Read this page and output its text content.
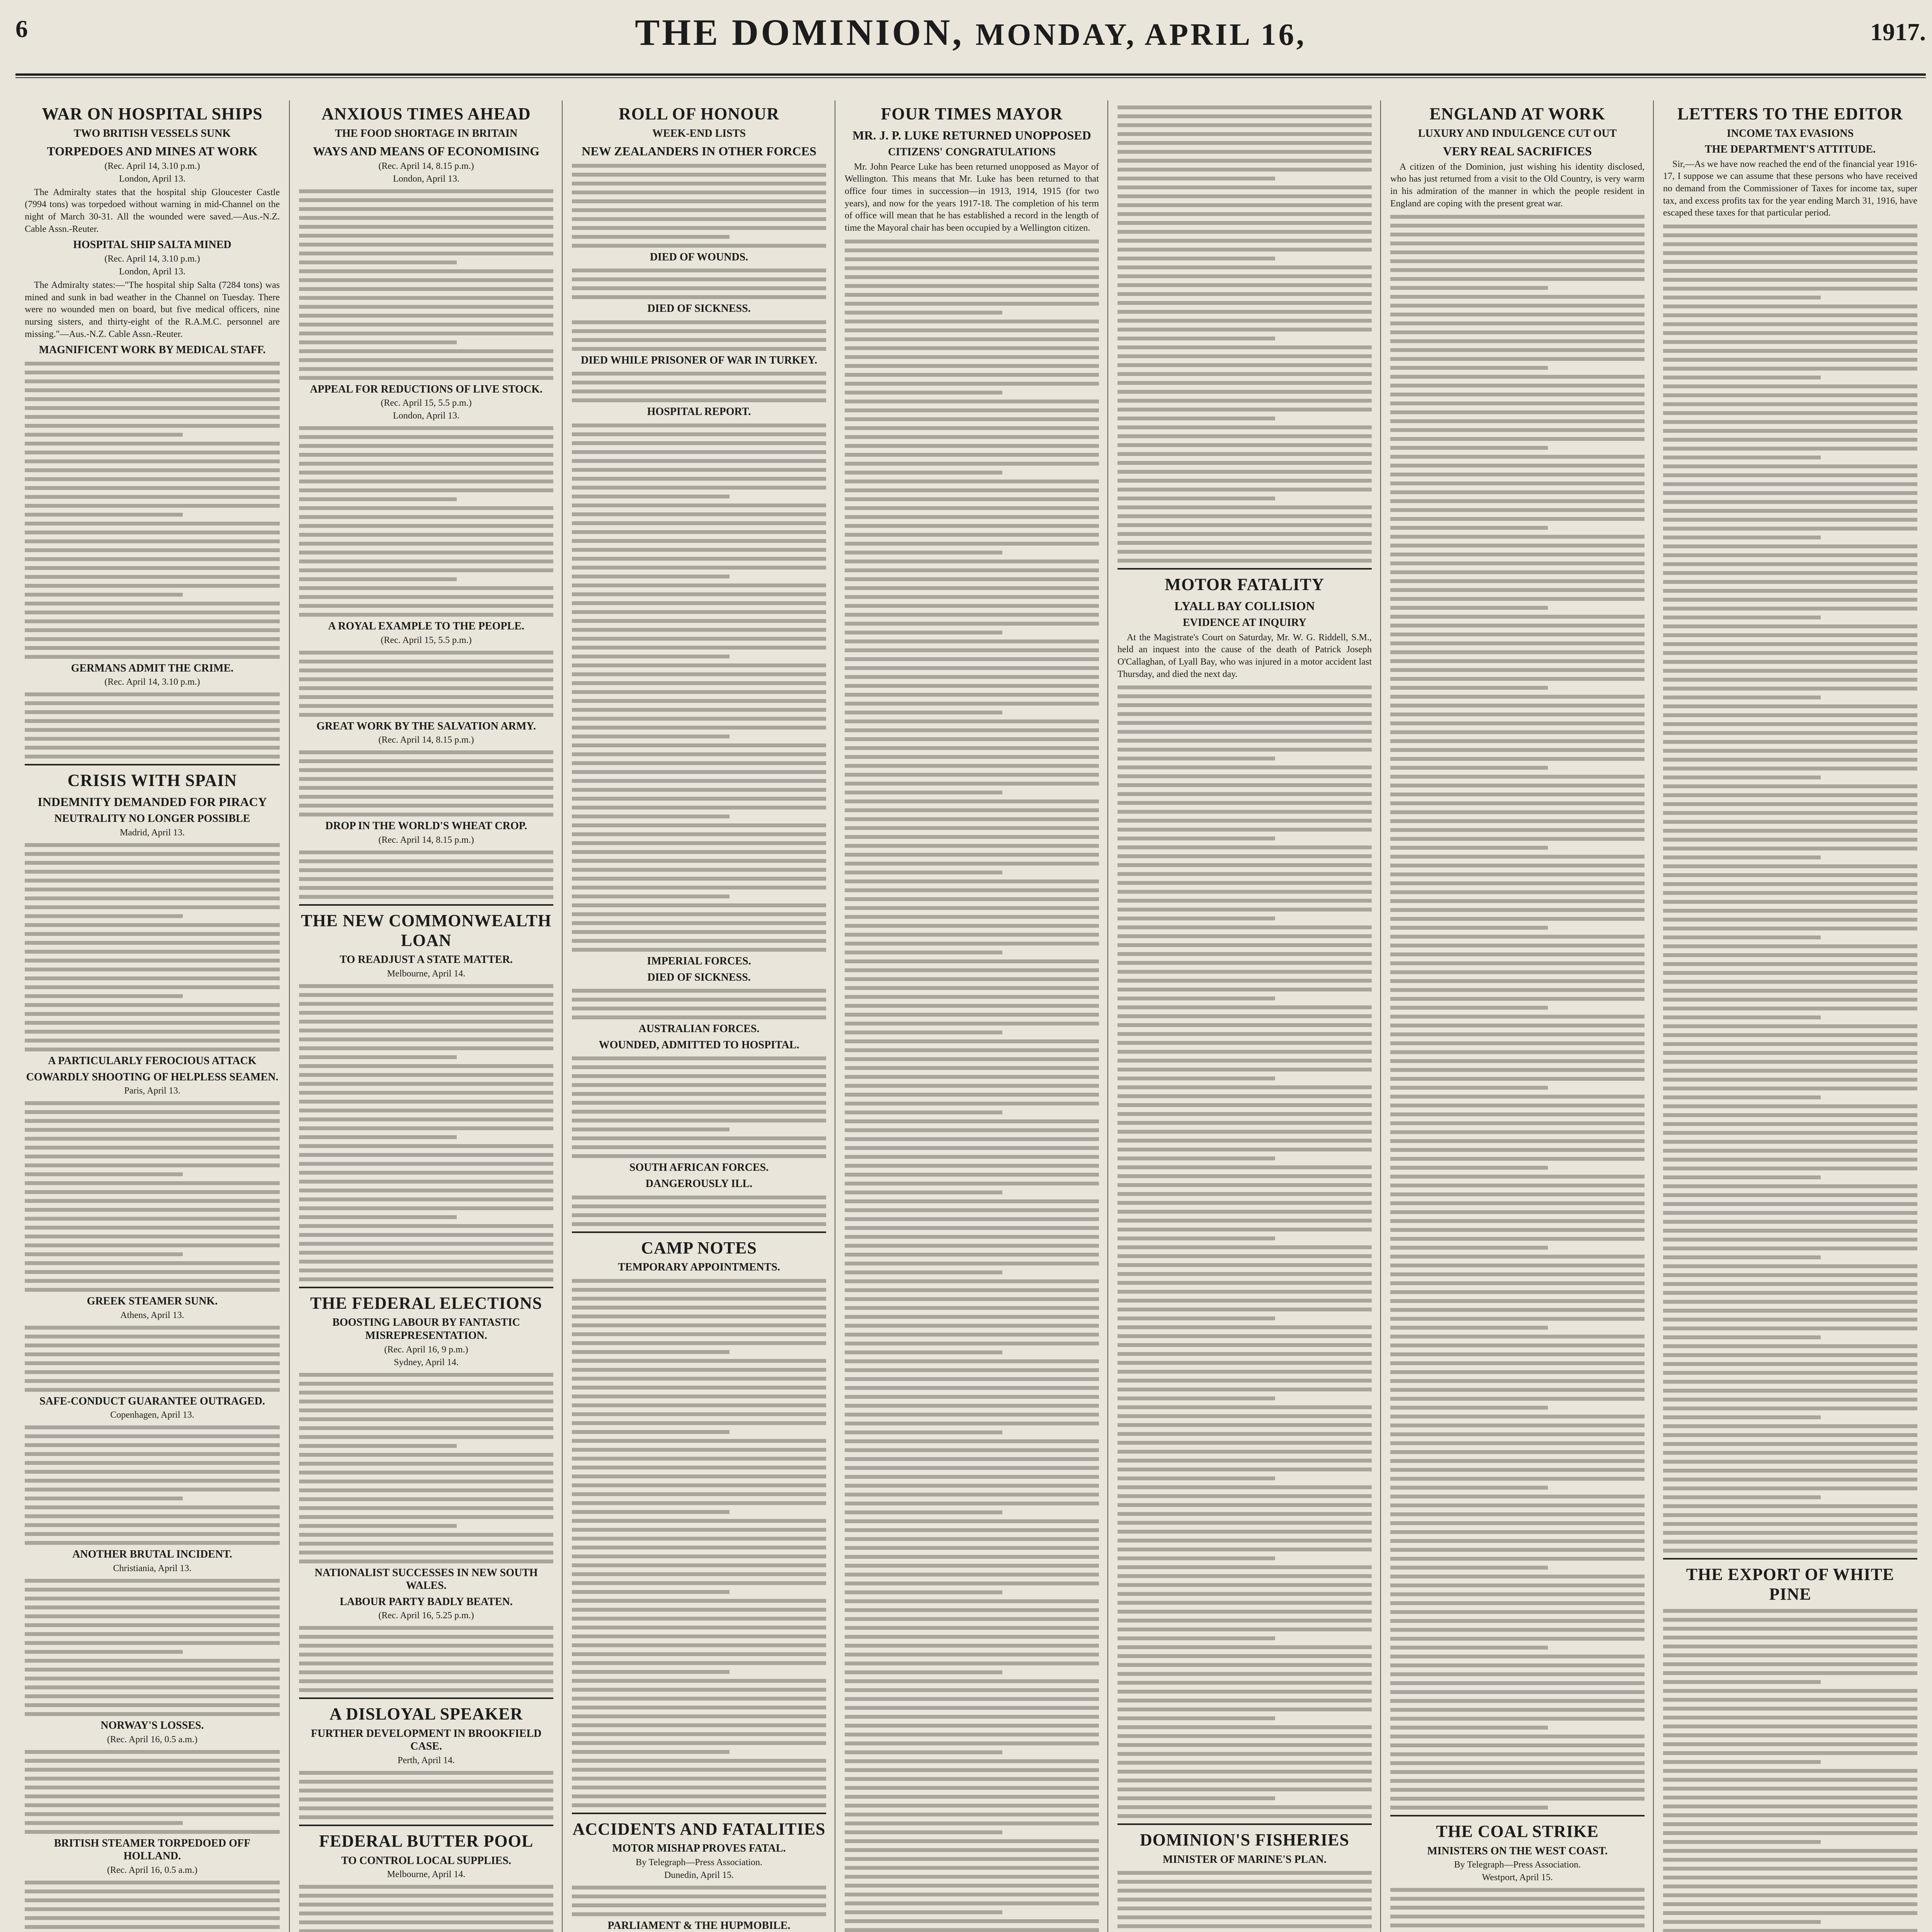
6	THE DOMINION, MONDAY, APRIL 16,	1917.
WAR ON HOSPITAL SHIPS
TWO BRITISH VESSELS SUNK
TORPEDOES AND MINES AT WORK
(Rec. April 14, 3.10 p.m.)
London, April 13.

The Admiralty states that the hospital ship Gloucester Castle (7994 tons) was torpedoed without warning in mid-Channel on the night of March 30-31. All the wounded were saved.—Aus.-N.Z. Cable Assn.-Reuter.

HOSPITAL SHIP SALTA MINED
(Rec. April 14, 3.10 p.m.)
London, April 13.

The Admiralty states:—"The hospital ship Salta (7284 tons) was mined and sunk in bad weather in the Channel on Tuesday. There were no wounded men on board, but five medical officers, nine nursing sisters, and thirty-eight of the R.A.M.C. personnel are missing."—Aus.-N.Z. Cable Assn.-Reuter.

MAGNIFICENT WORK BY MEDICAL STAFF.
GERMANS ADMIT THE CRIME.
(Rec. April 14, 3.10 p.m.)
CRISIS WITH SPAIN
INDEMNITY DEMANDED FOR PIRACY
NEUTRALITY NO LONGER POSSIBLE
Madrid, April 13.
A PARTICULARLY FEROCIOUS ATTACK
COWARDLY SHOOTING OF HELPLESS SEAMEN.
Paris, April 13.
GREEK STEAMER SUNK.
Athens, April 13.
SAFE-CONDUCT GUARANTEE OUTRAGED.
Copenhagen, April 13.
ANOTHER BRUTAL INCIDENT.
Christiania, April 13.
NORWAY'S LOSSES.
(Rec. April 16, 0.5 a.m.)
BRITISH STEAMER TORPEDOED OFF HOLLAND.
(Rec. April 16, 0.5 a.m.)
ANXIOUS TIMES AHEAD
THE FOOD SHORTAGE IN BRITAIN
WAYS AND MEANS OF ECONOMISING
(Rec. April 14, 8.15 p.m.)
London, April 13.
APPEAL FOR REDUCTIONS OF LIVE STOCK.
(Rec. April 15, 5.5 p.m.)
London, April 13.
A ROYAL EXAMPLE TO THE PEOPLE.
(Rec. April 15, 5.5 p.m.)
GREAT WORK BY THE SALVATION ARMY.
(Rec. April 14, 8.15 p.m.)
DROP IN THE WORLD'S WHEAT CROP.
(Rec. April 14, 8.15 p.m.)
THE NEW COMMONWEALTH LOAN
TO READJUST A STATE MATTER.
Melbourne, April 14.
THE FEDERAL ELECTIONS
BOOSTING LABOUR BY FANTASTIC MISREPRESENTATION.
(Rec. April 16, 9 p.m.)
Sydney, April 14.
NATIONALIST SUCCESSES IN NEW SOUTH WALES.
LABOUR PARTY BADLY BEATEN.
(Rec. April 16, 5.25 p.m.)
A DISLOYAL SPEAKER
FURTHER DEVELOPMENT IN BROOKFIELD CASE.
Perth, April 14.
FEDERAL BUTTER POOL
TO CONTROL LOCAL SUPPLIES.
Melbourne, April 14.
ROLL OF HONOUR
WEEK-END LISTS
NEW ZEALANDERS IN OTHER FORCES
DIED OF WOUNDS.
DIED OF SICKNESS.
DIED WHILE PRISONER OF WAR IN TURKEY.
HOSPITAL REPORT.
IMPERIAL FORCES.
DIED OF SICKNESS.
AUSTRALIAN FORCES.
WOUNDED, ADMITTED TO HOSPITAL.
SOUTH AFRICAN FORCES.
DANGEROUSLY ILL.
CAMP NOTES
TEMPORARY APPOINTMENTS.
ACCIDENTS AND FATALITIES
MOTOR MISHAP PROVES FATAL.
By Telegraph—Press Association.
Dunedin, April 15.
PARLIAMENT & THE HUPMOBILE.
FOUR TIMES MAYOR
MR. J. P. LUKE RETURNED UNOPPOSED
CITIZENS' CONGRATULATIONS

Mr. John Pearce Luke has been returned unopposed as Mayor of Wellington. This means that Mr. Luke has been returned to that office four times in succession—in 1913, 1914, 1915 (for two years), and now for the years 1917-18. The completion of his term of office will mean that he has established a record in the length of time the Mayoral chair has been occupied by a Wellington citizen.

MOTOR FATALITY
LYALL BAY COLLISION
EVIDENCE AT INQUIRY

At the Magistrate's Court on Saturday, Mr. W. G. Riddell, S.M., held an inquest into the cause of the death of Patrick Joseph O'Callaghan, of Lyall Bay, who was injured in a motor accident last Thursday, and died the next day.

DOMINION'S FISHERIES
MINISTER OF MARINE'S PLAN.
ENGLAND AT WORK
LUXURY AND INDULGENCE CUT OUT
VERY REAL SACRIFICES

A citizen of the Dominion, just wishing his identity disclosed, who has just returned from a visit to the Old Country, is very warm in his admiration of the manner in which the people resident in England are coping with the present great war.

THE COAL STRIKE
MINISTERS ON THE WEST COAST.
By Telegraph—Press Association.
Westport, April 15.
LETTERS TO THE EDITOR
INCOME TAX EVASIONS
THE DEPARTMENT'S ATTITUDE.

Sir,—As we have now reached the end of the financial year 1916-17, I suppose we can assume that these persons who have received no demand from the Commissioner of Taxes for income tax, super tax, and excess profits tax for the year ending March 31, 1916, have escaped these taxes for that particular period.

THE EXPORT OF WHITE PINE
